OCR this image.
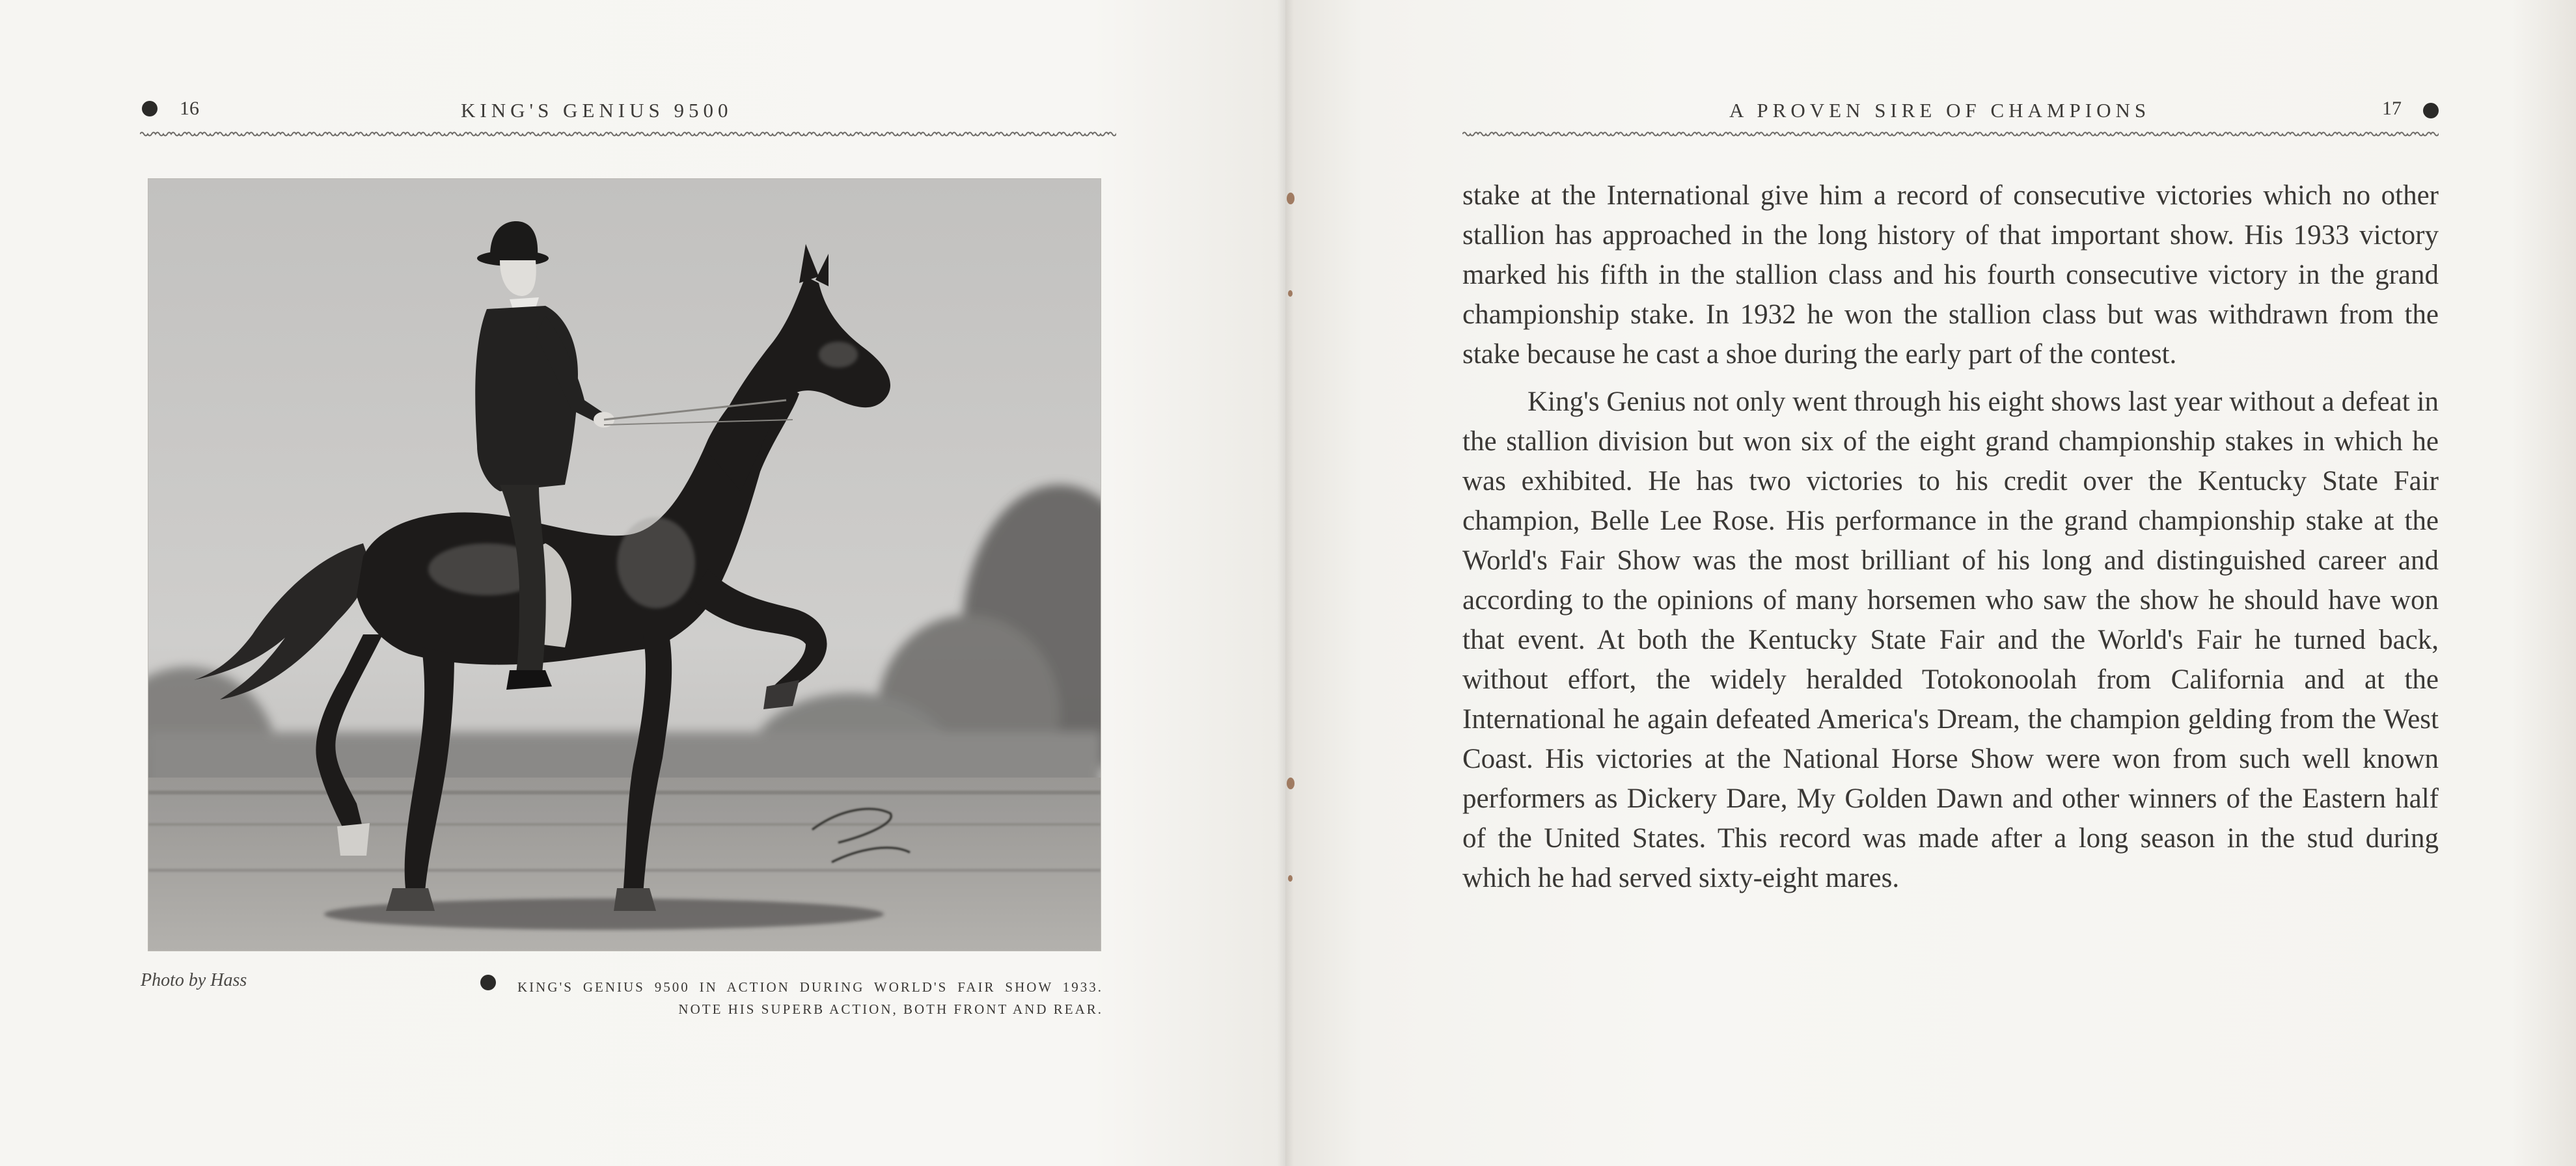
16	KING'S GENIUS 9500
Photo by Hass	KING'S GENIUS 9500 IN ACTION DURING WORLD'S FAIR SHOW 1933. NOTE HIS SUPERB ACTION, BOTH FRONT AND REAR.
A PROVEN SIRE OF CHAMPIONS	17

stake at the International give him a record of consecutive victories which no other stallion has approached in the long history of that important show. His 1933 victory marked his fifth in the stallion class and his fourth consecutive victory in the grand championship stake. In 1932 he won the stallion class but was withdrawn from the stake because he cast a shoe during the early part of the contest.

King's Genius not only went through his eight shows last year without a defeat in the stallion division but won six of the eight grand championship stakes in which he was exhibited. He has two victories to his credit over the Kentucky State Fair champion, Belle Lee Rose. His performance in the grand championship stake at the World's Fair Show was the most brilliant of his long and distinguished career and according to the opinions of many horsemen who saw the show he should have won that event. At both the Kentucky State Fair and the World's Fair he turned back, without effort, the widely heralded Totokonoolah from California and at the International he again defeated America's Dream, the champion gelding from the West Coast. His victories at the National Horse Show were won from such well known performers as Dickery Dare, My Golden Dawn and other winners of the Eastern half of the United States. This record was made after a long season in the stud during which he had served sixty-eight mares.
